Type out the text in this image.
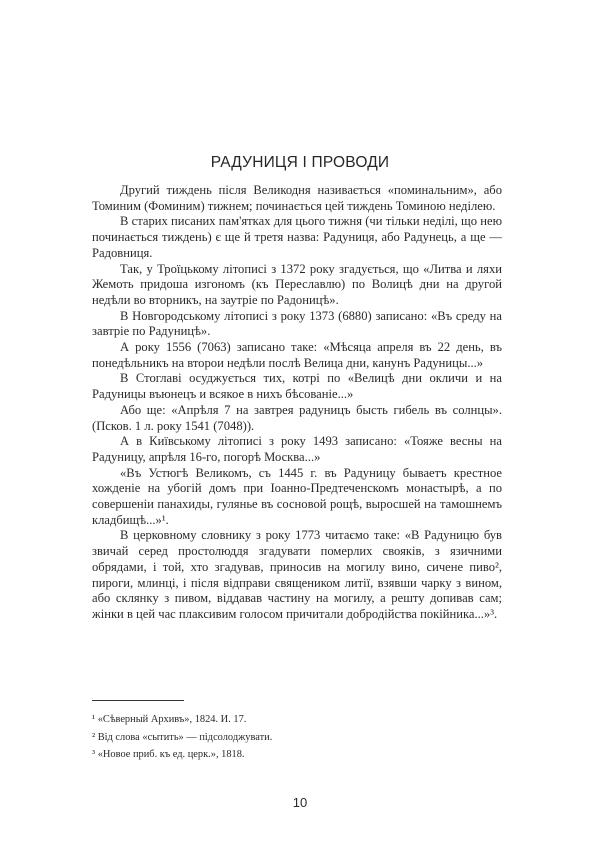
РАДУНИЦЯ І ПРОВОДИ

Другий тиждень після Великодня називається «поминальним», або Томиним (Фоминим) тижнем; починається цей тиждень Томиною неділею.

В старих писаних пам'ятках для цього тижня (чи тільки неділі, що нею починається тиждень) є ще й третя назва: Радуниця, або Радунець, а ще — Радовниця.

Так, у Троїцькому літописі з 1372 року згадується, що «Литва и ляхи Жемоть придоша изгономъ (къ Переславлю) по Волицѣ дни на другой недѣли во вторникъ, на заутріе по Радоницѣ».

В Новгородському літописі з року 1373 (6880) записано: «Въ среду на завтріе по Радуницѣ».

А року 1556 (7063) записано таке: «Мѣсяца апреля въ 22 день, въ понедѣльникъ на второи недѣли послѣ Велица дни, канунъ Радуницы...»

В Стоглаві осуджується тих, котрі по «Велицѣ дни окличи и на Радуницы въюнецъ и всякое в нихъ бѣсованіе...»

Або ще: «Апрѣля 7 на завтрея радуницъ бысть гибель въ солнцы». (Псков. 1 л. року 1541 (7048)).

А в Київському літописі з року 1493 записано: «Тояже весны на Радуницу, апрѣля 16-го, погорѣ Москва...»

«Въ Устюгѣ Великомъ, съ 1445 г. въ Радуницу бываетъ крестное хожденіе на убогій домъ при Іоанно-Предтеченскомъ монастырѣ, а по совершеніи панахиды, гулянье въ сосновой рощѣ, выросшей на тамошнемъ кладбищѣ...»¹.

В церковному словнику з року 1773 читаємо таке: «В Радуницю був звичай серед простолюддя згадувати померлих свояків, з язичними обрядами, і той, хто згадував, приносив на могилу вино, сичене пиво², пироги, млинці, і після відправи священиком литії, взявши чарку з вином, або склянку з пивом, віддавав частину на могилу, а решту допивав сам; жінки в цей час плаксивим голосом причитали добродійства покійника...»³.

¹ «Сѣверный Архивъ», 1824. И. 17.
² Від слова «сытить» — підсолоджувати.
³ «Новое приб. къ ед. церк.», 1818.
10
